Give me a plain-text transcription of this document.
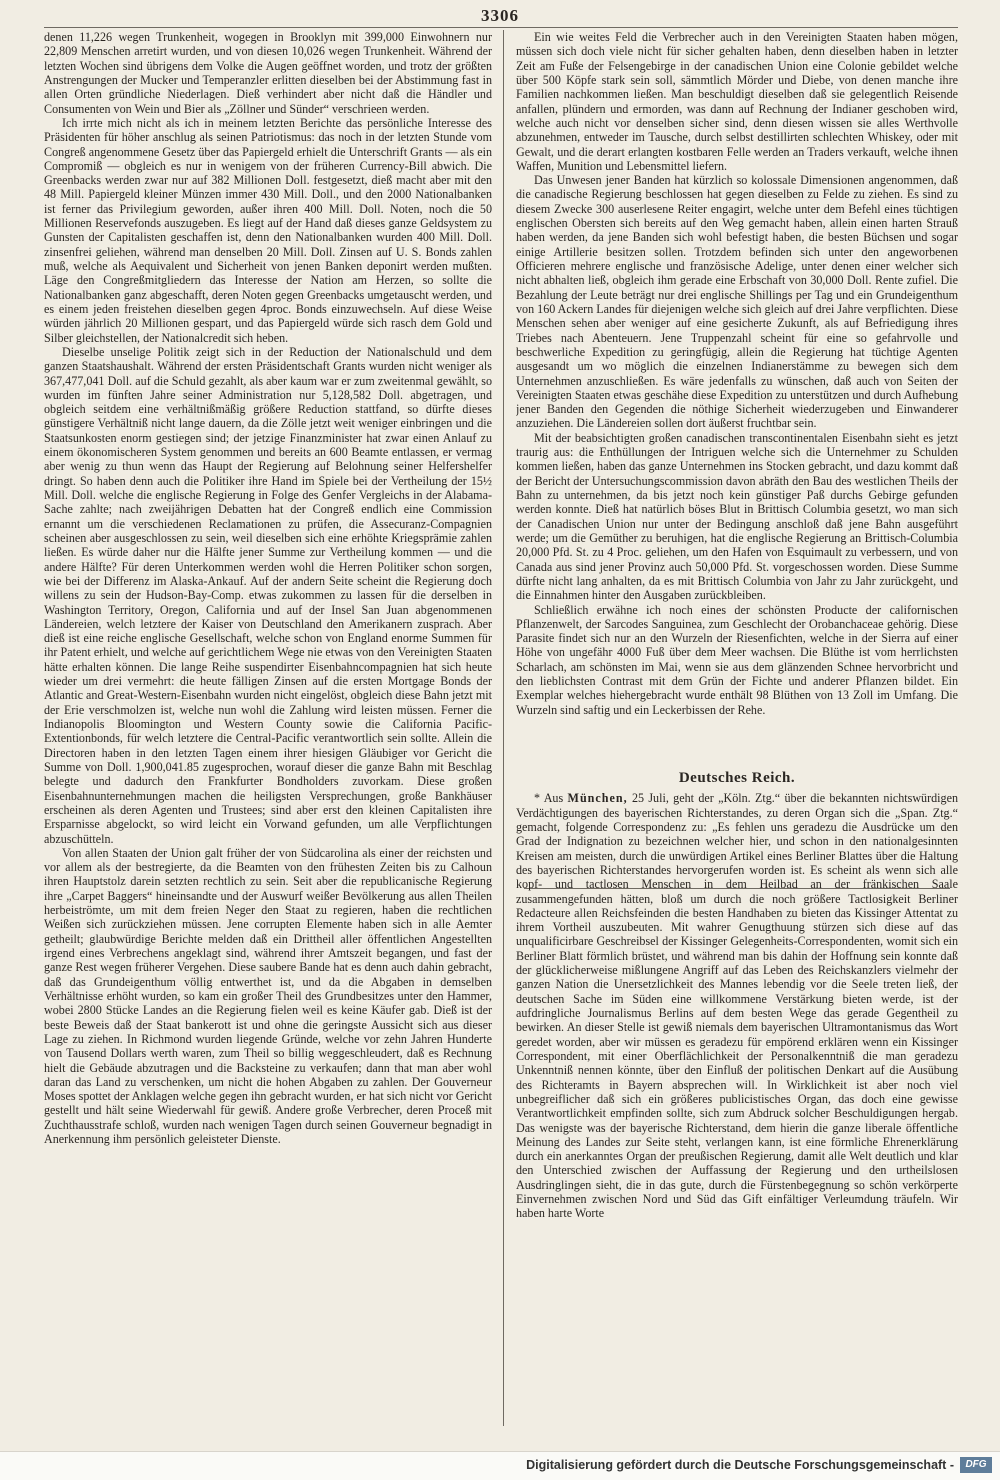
3306

denen 11,226 wegen Trunkenheit, wogegen in Brooklyn mit 399,000 Einwohnern nur 22,809 Menschen arretirt wurden, und von diesen 10,026 wegen Trunkenheit. Während der letzten Wochen sind übrigens dem Volke die Augen geöffnet worden, und trotz der größten Anstrengungen der Mucker und Temperanzler erlitten dieselben bei der Abstimmung fast in allen Orten gründliche Niederlagen. Dieß verhindert aber nicht daß die Händler und Consumenten von Wein und Bier als „Zöllner und Sünder“ verschrieen werden.

Ich irrte mich nicht als ich in meinem letzten Berichte das persönliche Interesse des Präsidenten für höher anschlug als seinen Patriotismus: das noch in der letzten Stunde vom Congreß angenommene Gesetz über das Papiergeld erhielt die Unterschrift Grants — als ein Compromiß — obgleich es nur in wenigem von der früheren Currency-Bill abwich. Die Greenbacks werden zwar nur auf 382 Millionen Doll. festgesetzt, dieß macht aber mit den 48 Mill. Papiergeld kleiner Münzen immer 430 Mill. Doll., und den 2000 Nationalbanken ist ferner das Privilegium geworden, außer ihren 400 Mill. Doll. Noten, noch die 50 Millionen Reservefonds auszugeben. Es liegt auf der Hand daß dieses ganze Geldsystem zu Gunsten der Capitalisten geschaffen ist, denn den Nationalbanken wurden 400 Mill. Doll. zinsenfrei geliehen, während man denselben 20 Mill. Doll. Zinsen auf U. S. Bonds zahlen muß, welche als Aequivalent und Sicherheit von jenen Banken deponirt werden mußten. Läge den Congreßmitgliedern das Interesse der Nation am Herzen, so sollte die Nationalbanken ganz abgeschafft, deren Noten gegen Greenbacks umgetauscht werden, und es einem jeden freistehen dieselben gegen 4proc. Bonds einzuwechseln. Auf diese Weise würden jährlich 20 Millionen gespart, und das Papiergeld würde sich rasch dem Gold und Silber gleichstellen, der Nationalcredit sich heben.

Dieselbe unselige Politik zeigt sich in der Reduction der Nationalschuld und dem ganzen Staatshaushalt. Während der ersten Präsidentschaft Grants wurden nicht weniger als 367,477,041 Doll. auf die Schuld gezahlt, als aber kaum war er zum zweitenmal gewählt, so wurden im fünften Jahre seiner Administration nur 5,128,582 Doll. abgetragen, und obgleich seitdem eine verhältnißmäßig größere Reduction stattfand, so dürfte dieses günstigere Verhältniß nicht lange dauern, da die Zölle jetzt weit weniger einbringen und die Staatsunkosten enorm gestiegen sind; der jetzige Finanzminister hat zwar einen Anlauf zu einem ökonomischeren System genommen und bereits an 600 Beamte entlassen, er vermag aber wenig zu thun wenn das Haupt der Regierung auf Belohnung seiner Helfershelfer dringt. So haben denn auch die Politiker ihre Hand im Spiele bei der Vertheilung der 15½ Mill. Doll. welche die englische Regierung in Folge des Genfer Vergleichs in der Alabama-Sache zahlte; nach zweijährigen Debatten hat der Congreß endlich eine Commission ernannt um die verschiedenen Reclamationen zu prüfen, die Assecuranz-Compagnien scheinen aber ausgeschlossen zu sein, weil dieselben sich eine erhöhte Kriegsprämie zahlen ließen. Es würde daher nur die Hälfte jener Summe zur Vertheilung kommen — und die andere Hälfte? Für deren Unterkommen werden wohl die Herren Politiker schon sorgen, wie bei der Differenz im Alaska-Ankauf. Auf der andern Seite scheint die Regierung doch willens zu sein der Hudson-Bay-Comp. etwas zukommen zu lassen für die derselben in Washington Territory, Oregon, California und auf der Insel San Juan abgenommenen Ländereien, welch letztere der Kaiser von Deutschland den Amerikanern zusprach. Aber dieß ist eine reiche englische Gesellschaft, welche schon von England enorme Summen für ihr Patent erhielt, und welche auf gerichtlichem Wege nie etwas von den Vereinigten Staaten hätte erhalten können. Die lange Reihe suspendirter Eisenbahncompagnien hat sich heute wieder um drei vermehrt: die heute fälligen Zinsen auf die ersten Mortgage Bonds der Atlantic and Great-Western-Eisenbahn wurden nicht eingelöst, obgleich diese Bahn jetzt mit der Erie verschmolzen ist, welche nun wohl die Zahlung wird leisten müssen. Ferner die Indianopolis Bloomington und Western County sowie die California Pacific-Extentionbonds, für welch letztere die Central-Pacific verantwortlich sein sollte. Allein die Directoren haben in den letzten Tagen einem ihrer hiesigen Gläubiger vor Gericht die Summe von Doll. 1,900,041.85 zugesprochen, worauf dieser die ganze Bahn mit Beschlag belegte und dadurch den Frankfurter Bondholders zuvorkam. Diese großen Eisenbahnunternehmungen machen die heiligsten Versprechungen, große Bankhäuser erscheinen als deren Agenten und Trustees; sind aber erst den kleinen Capitalisten ihre Ersparnisse abgelockt, so wird leicht ein Vorwand gefunden, um alle Verpflichtungen abzuschütteln.

Von allen Staaten der Union galt früher der von Südcarolina als einer der reichsten und vor allem als der bestregierte, da die Beamten von den frühesten Zeiten bis zu Calhoun ihren Hauptstolz darein setzten rechtlich zu sein. Seit aber die republicanische Regierung ihre „Carpet Baggers“ hineinsandte und der Auswurf weißer Bevölkerung aus allen Theilen herbeiströmte, um mit dem freien Neger den Staat zu regieren, haben die rechtlichen Weißen sich zurückziehen müssen. Jene corrupten Elemente haben sich in alle Aemter getheilt; glaubwürdige Berichte melden daß ein Drittheil aller öffentlichen Angestellten irgend eines Verbrechens angeklagt sind, während ihrer Amtszeit begangen, und fast der ganze Rest wegen früherer Vergehen. Diese saubere Bande hat es denn auch dahin gebracht, daß das Grundeigenthum völlig entwerthet ist, und da die Abgaben in demselben Verhältnisse erhöht wurden, so kam ein großer Theil des Grundbesitzes unter den Hammer, wobei 2800 Stücke Landes an die Regierung fielen weil es keine Käufer gab. Dieß ist der beste Beweis daß der Staat bankerott ist und ohne die geringste Aussicht sich aus dieser Lage zu ziehen. In Richmond wurden liegende Gründe, welche vor zehn Jahren Hunderte von Tausend Dollars werth waren, zum Theil so billig weggeschleudert, daß es Rechnung hielt die Gebäude abzutragen und die Backsteine zu verkaufen; dann that man aber wohl daran das Land zu verschenken, um nicht die hohen Abgaben zu zahlen. Der Gouverneur Moses spottet der Anklagen welche gegen ihn gebracht wurden, er hat sich nicht vor Gericht gestellt und hält seine Wiederwahl für gewiß. Andere große Verbrecher, deren Proceß mit Zuchthausstrafe schloß, wurden nach wenigen Tagen durch seinen Gouverneur begnadigt in Anerkennung ihm persönlich geleisteter Dienste.

Ein wie weites Feld die Verbrecher auch in den Vereinigten Staaten haben mögen, müssen sich doch viele nicht für sicher gehalten haben, denn dieselben haben in letzter Zeit am Fuße der Felsengebirge in der canadischen Union eine Colonie gebildet welche über 500 Köpfe stark sein soll, sämmtlich Mörder und Diebe, von denen manche ihre Familien nachkommen ließen. Man beschuldigt dieselben daß sie gelegentlich Reisende anfallen, plündern und ermorden, was dann auf Rechnung der Indianer geschoben wird, welche auch nicht vor denselben sicher sind, denn diesen wissen sie alles Werthvolle abzunehmen, entweder im Tausche, durch selbst destillirten schlechten Whiskey, oder mit Gewalt, und die derart erlangten kostbaren Felle werden an Traders verkauft, welche ihnen Waffen, Munition und Lebensmittel liefern.

Das Unwesen jener Banden hat kürzlich so kolossale Dimensionen angenommen, daß die canadische Regierung beschlossen hat gegen dieselben zu Felde zu ziehen. Es sind zu diesem Zwecke 300 auserlesene Reiter engagirt, welche unter dem Befehl eines tüchtigen englischen Obersten sich bereits auf den Weg gemacht haben, allein einen harten Strauß haben werden, da jene Banden sich wohl befestigt haben, die besten Büchsen und sogar einige Artillerie besitzen sollen. Trotzdem befinden sich unter den angeworbenen Officieren mehrere englische und französische Adelige, unter denen einer welcher sich nicht abhalten ließ, obgleich ihm gerade eine Erbschaft von 30,000 Doll. Rente zufiel. Die Bezahlung der Leute beträgt nur drei englische Shillings per Tag und ein Grundeigenthum von 160 Ackern Landes für diejenigen welche sich gleich auf drei Jahre verpflichten. Diese Menschen sehen aber weniger auf eine gesicherte Zukunft, als auf Befriedigung ihres Triebes nach Abenteuern. Jene Truppenzahl scheint für eine so gefahrvolle und beschwerliche Expedition zu geringfügig, allein die Regierung hat tüchtige Agenten ausgesandt um wo möglich die einzelnen Indianerstämme zu bewegen sich dem Unternehmen anzuschließen. Es wäre jedenfalls zu wünschen, daß auch von Seiten der Vereinigten Staaten etwas geschähe diese Expedition zu unterstützen und durch Aufhebung jener Banden den Gegenden die nöthige Sicherheit wiederzugeben und Einwanderer anzuziehen. Die Ländereien sollen dort äußerst fruchtbar sein.

Mit der beabsichtigten großen canadischen transcontinentalen Eisenbahn sieht es jetzt traurig aus: die Enthüllungen der Intriguen welche sich die Unternehmer zu Schulden kommen ließen, haben das ganze Unternehmen ins Stocken gebracht, und dazu kommt daß der Bericht der Untersuchungscommission davon abräth den Bau des westlichen Theils der Bahn zu unternehmen, da bis jetzt noch kein günstiger Paß durchs Gebirge gefunden werden konnte. Dieß hat natürlich böses Blut in Brittisch Columbia gesetzt, wo man sich der Canadischen Union nur unter der Bedingung anschloß daß jene Bahn ausgeführt werde; um die Gemüther zu beruhigen, hat die englische Regierung an Brittisch-Columbia 20,000 Pfd. St. zu 4 Proc. geliehen, um den Hafen von Esquimault zu verbessern, und von Canada aus sind jener Provinz auch 50,000 Pfd. St. vorgeschossen worden. Diese Summe dürfte nicht lang anhalten, da es mit Brittisch Columbia von Jahr zu Jahr zurückgeht, und die Einnahmen hinter den Ausgaben zurückbleiben.

Schließlich erwähne ich noch eines der schönsten Producte der californischen Pflanzenwelt, der Sarcodes Sanguinea, zum Geschlecht der Orobanchaceae gehörig. Diese Parasite findet sich nur an den Wurzeln der Riesenfichten, welche in der Sierra auf einer Höhe von ungefähr 4000 Fuß über dem Meer wachsen. Die Blüthe ist vom herrlichsten Scharlach, am schönsten im Mai, wenn sie aus dem glänzenden Schnee hervorbricht und den lieblichsten Contrast mit dem Grün der Fichte und anderer Pflanzen bildet. Ein Exemplar welches hiehergebracht wurde enthält 98 Blüthen von 13 Zoll im Umfang. Die Wurzeln sind saftig und ein Leckerbissen der Rehe.

Deutsches Reich.

* Aus München, 25 Juli, geht der „Köln. Ztg.“ über die bekannten nichtswürdigen Verdächtigungen des bayerischen Richterstandes, zu deren Organ sich die „Span. Ztg.“ gemacht, folgende Correspondenz zu: „Es fehlen uns geradezu die Ausdrücke um den Grad der Indignation zu bezeichnen welcher hier, und schon in den nationalgesinnten Kreisen am meisten, durch die unwürdigen Artikel eines Berliner Blattes über die Haltung des bayerischen Richterstandes hervorgerufen worden ist. Es scheint als wenn sich alle kopf- und tactlosen Menschen in dem Heilbad an der fränkischen Saale zusammengefunden hätten, bloß um durch die noch größere Tactlosigkeit Berliner Redacteure allen Reichsfeinden die besten Handhaben zu bieten das Kissinger Attentat zu ihrem Vortheil auszubeuten. Mit wahrer Genugthuung stürzen sich diese auf das unqualificirbare Geschreibsel der Kissinger Gelegenheits-Correspondenten, womit sich ein Berliner Blatt förmlich brüstet, und während man bis dahin der Hoffnung sein konnte daß der glücklicherweise mißlungene Angriff auf das Leben des Reichskanzlers vielmehr der ganzen Nation die Unersetzlichkeit des Mannes lebendig vor die Seele treten ließ, der deutschen Sache im Süden eine willkommene Verstärkung bieten werde, ist der aufdringliche Journalismus Berlins auf dem besten Wege das gerade Gegentheil zu bewirken. An dieser Stelle ist gewiß niemals dem bayerischen Ultramontanismus das Wort geredet worden, aber wir müssen es geradezu für empörend erklären wenn ein Kissinger Correspondent, mit einer Oberflächlichkeit der Personalkenntniß die man geradezu Unkenntniß nennen könnte, über den Einfluß der politischen Denkart auf die Ausübung des Richteramts in Bayern absprechen will. In Wirklichkeit ist aber noch viel unbegreiflicher daß sich ein größeres publicistisches Organ, das doch eine gewisse Verantwortlichkeit empfinden sollte, sich zum Abdruck solcher Beschuldigungen hergab. Das wenigste was der bayerische Richterstand, dem hierin die ganze liberale öffentliche Meinung des Landes zur Seite steht, verlangen kann, ist eine förmliche Ehrenerklärung durch ein anerkanntes Organ der preußischen Regierung, damit alle Welt deutlich und klar den Unterschied zwischen der Auffassung der Regierung und den urtheilslosen Ausdringlingen sieht, die in das gute, durch die Fürstenbegegnung so schön verkörperte Einvernehmen zwischen Nord und Süd das Gift einfältiger Verleumdung träufeln. Wir haben harte Worte

Digitalisierung gefördert durch die Deutsche Forschungsgemeinschaft -	DFG
